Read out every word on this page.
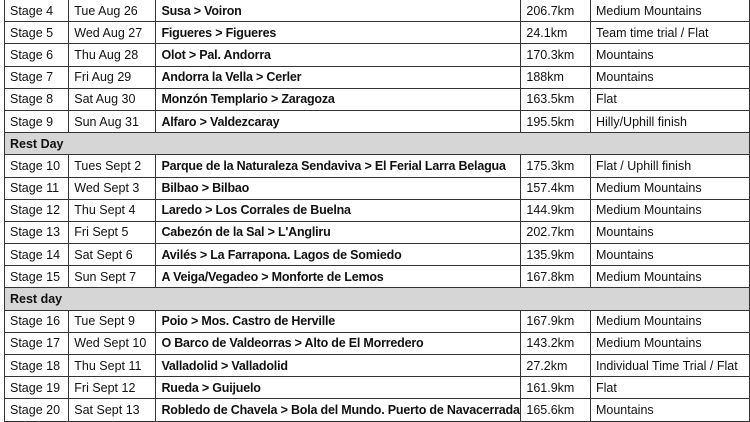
Stage 4	Tue Aug 26	Susa > Voiron	206.7km	Medium Mountains
Stage 5	Wed Aug 27	Figueres > Figueres	24.1km	Team time trial / Flat
Stage 6	Thu Aug 28	Olot > Pal. Andorra	170.3km	Mountains
Stage 7	Fri Aug 29	Andorra la Vella > Cerler	188km	Mountains
Stage 8	Sat Aug 30	Monzón Templario > Zaragoza	163.5km	Flat
Stage 9	Sun Aug 31	Alfaro > Valdezcaray	195.5km	Hilly/Uphill finish
Rest Day				
Stage 10	Tues Sept 2	Parque de la Naturaleza Sendaviva > El Ferial Larra Belagua	175.3km	Flat / Uphill finish
Stage 11	Wed Sept 3	Bilbao > Bilbao	157.4km	Medium Mountains
Stage 12	Thu Sept 4	Laredo > Los Corrales de Buelna	144.9km	Medium Mountains
Stage 13	Fri Sept 5	Cabezón de la Sal > L'Angliru	202.7km	Mountains
Stage 14	Sat Sept 6	Avilés > La Farrapona. Lagos de Somiedo	135.9km	Mountains
Stage 15	Sun Sept 7	A Veiga/Vegadeo > Monforte de Lemos	167.8km	Medium Mountains
Rest day				
Stage 16	Tue Sept 9	Poio > Mos. Castro de Herville	167.9km	Medium Mountains
Stage 17	Wed Sept 10	O Barco de Valdeorras > Alto de El Morredero	143.2km	Medium Mountains
Stage 18	Thu Sept 11	Valladolid > Valladolid	27.2km	Individual Time Trial / Flat
Stage 19	Fri Sept 12	Rueda > Guijuelo	161.9km	Flat
Stage 20	Sat Sept 13	Robledo de Chavela > Bola del Mundo. Puerto de Navacerrada	165.6km	Mountains
